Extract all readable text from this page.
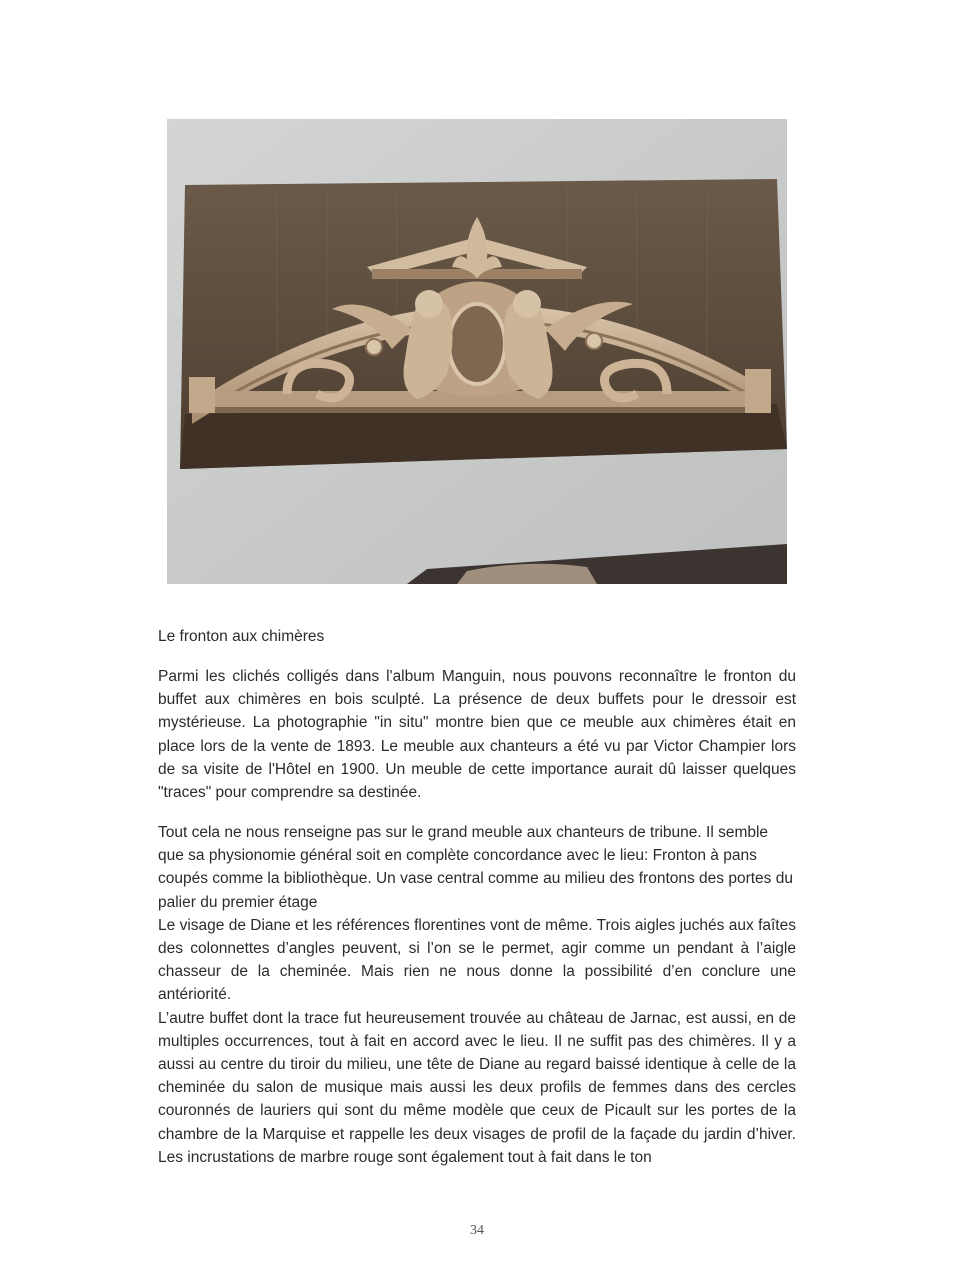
Le fronton aux chimères

Parmi les clichés colligés dans l'album Manguin, nous pouvons reconnaître le fronton du buffet aux chimères en bois sculpté. La présence de deux buffets pour le dressoir est mystérieuse. La photographie "in situ" montre bien que ce meuble aux chimères était en place lors de la vente de 1893. Le meuble aux chanteurs a été vu par Victor Champier lors de sa visite de l'Hôtel en 1900. Un meuble de cette importance aurait dû laisser quelques "traces" pour comprendre sa destinée.

Tout cela ne nous renseigne pas sur le grand meuble aux chanteurs de tribune. Il semble que sa physionomie général soit en complète concordance avec le lieu: Fronton à pans coupés comme la bibliothèque. Un vase central comme au milieu des frontons des portes du palier du premier étage

Le visage de Diane et les références florentines vont de même. Trois aigles juchés aux faîtes des colonnettes d’angles peuvent, si l’on se le permet, agir comme un pendant à l’aigle chasseur de la cheminée. Mais rien ne nous donne la possibilité d’en conclure une antériorité.

L’autre buffet dont la trace fut heureusement trouvée au château de Jarnac, est aussi, en de multiples occurrences, tout à fait en accord avec le lieu. Il ne suffit pas des chimères. Il y a aussi au centre du tiroir du milieu, une tête de Diane au regard baissé identique à celle de la cheminée du salon de musique mais aussi les deux profils de femmes dans des cercles couronnés de lauriers qui sont du même modèle que ceux de Picault sur les portes de la chambre de la Marquise et rappelle les deux visages de profil de la façade du jardin d’hiver. Les incrustations de marbre rouge sont également tout à fait dans le ton

34
